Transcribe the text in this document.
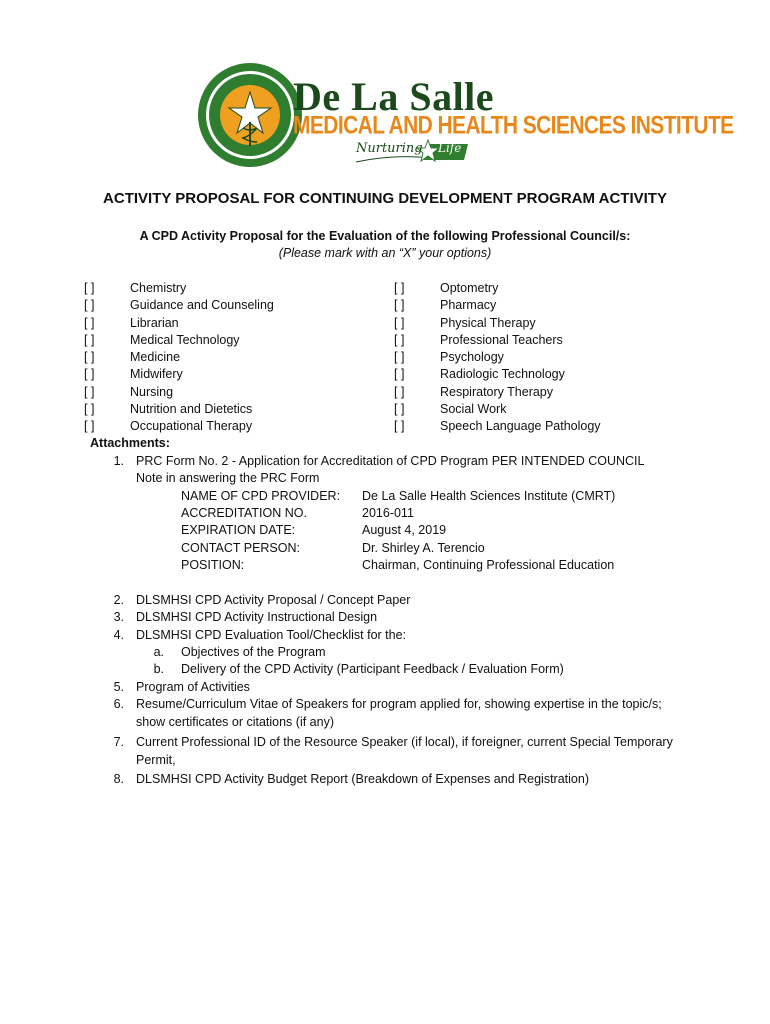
De La Salle
MEDICAL AND HEALTH SCIENCES INSTITUTE
Nurturing Life
ACTIVITY PROPOSAL FOR CONTINUING DEVELOPMENT PROGRAM ACTIVITY
A CPD Activity Proposal for the Evaluation of the following Professional Council/s:
(Please mark with an “X” your options)
[ ]	Chemistry
[ ]	Guidance and Counseling
[ ]	Librarian
[ ]	Medical Technology
[ ]	Medicine
[ ]	Midwifery
[ ]	Nursing
[ ]	Nutrition and Dietetics
[ ]	Occupational Therapy
[ ]	Optometry
[ ]	Pharmacy
[ ]	Physical Therapy
[ ]	Professional Teachers
[ ]	Psychology
[ ]	Radiologic Technology
[ ]	Respiratory Therapy
[ ]	Social Work
[ ]	Speech Language Pathology
Attachments:
1. PRC Form No. 2 - Application for Accreditation of CPD Program PER INTENDED COUNCIL
Note in answering the PRC Form
NAME OF CPD PROVIDER: De La Salle Health Sciences Institute (CMRT)
ACCREDITATION NO.	2016-011
EXPIRATION DATE:	August 4, 2019
CONTACT PERSON:	Dr. Shirley A. Terencio
POSITION:	Chairman, Continuing Professional Education
2. DLSMHSI CPD Activity Proposal / Concept Paper
3. DLSMHSI CPD Activity Instructional Design
4. DLSMHSI CPD Evaluation Tool/Checklist for the:
a. Objectives of the Program
b. Delivery of the CPD Activity (Participant Feedback / Evaluation Form)
5. Program of Activities
6. Resume/Curriculum Vitae of Speakers for program applied for, showing expertise in the topic/s;
show certificates or citations (if any)
7. Current Professional ID of the Resource Speaker (if local), if foreigner, current Special Temporary
Permit,
8. DLSMHSI CPD Activity Budget Report (Breakdown of Expenses and Registration)
